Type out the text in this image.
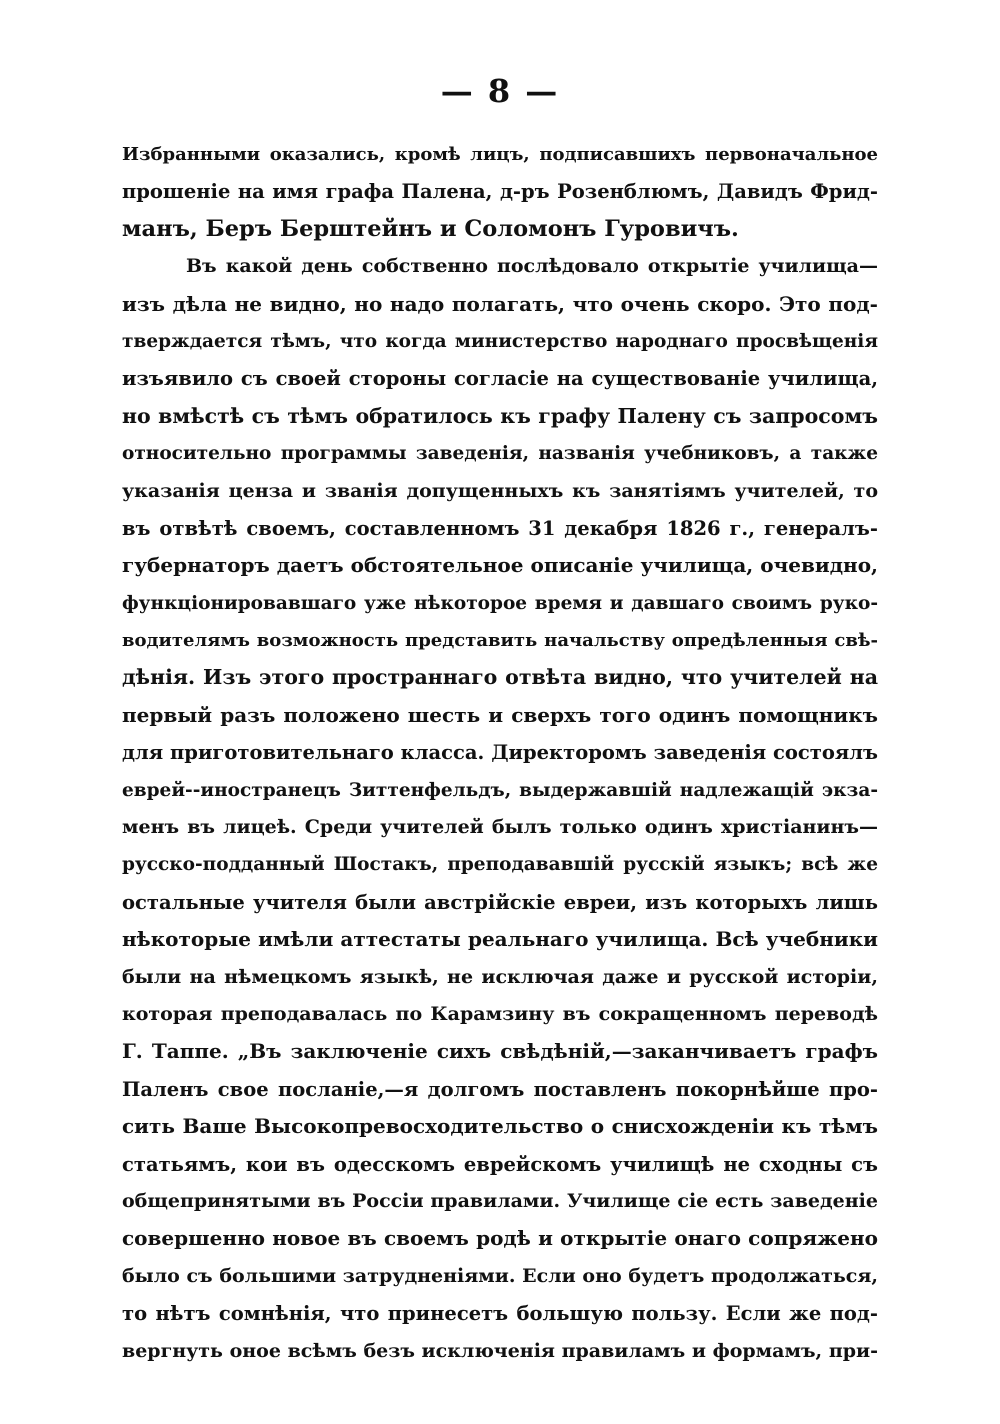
— 8 —
Избранными оказались, кромѣ лицъ, подписавшихъ первоначальное
прошеніе на имя графа Палена, д-ръ Розенблюмъ, Давидъ Фрид-
манъ, Беръ Берштейнъ и Соломонъ Гуровичъ.
Въ какой день собственно послѣдовало открытіе училища—
изъ дѣла не видно, но надо полагать, что очень скоро. Это под-
тверждается тѣмъ, что когда министерство народнаго просвѣщенія
изъявило съ своей стороны согласіе на существованіе училища,
но вмѣстѣ съ тѣмъ обратилось къ графу Палену съ запросомъ
относительно программы заведенія, названія учебниковъ, а также
указанія ценза и званія допущенныхъ къ занятіямъ учителей, то
въ отвѣтѣ своемъ, составленномъ 31 декабря 1826 г., генералъ-
губернаторъ даетъ обстоятельное описаніе училища, очевидно,
функціонировавшаго уже нѣкоторое время и давшаго своимъ руко-
водителямъ возможность представить начальству опредѣленныя свѣ-
дѣнія. Изъ этого пространнаго отвѣта видно, что учителей на
первый разъ положено шесть и сверхъ того одинъ помощникъ
для приготовительнаго класса. Директоромъ заведенія состоялъ
еврей--иностранецъ Зиттенфельдъ, выдержавшій надлежащій экза-
менъ въ лицеѣ. Среди учителей былъ только одинъ христіанинъ—
русско-подданный Шостакъ, преподававшій русскій языкъ; всѣ же
остальные учителя были австрійскіе евреи, изъ которыхъ лишь
нѣкоторые имѣли аттестаты реальнаго училища. Всѣ учебники
были на нѣмецкомъ языкѣ, не исключая даже и русской исторіи,
которая преподавалась по Карамзину въ сокращенномъ переводѣ
Г. Таппе. „Въ заключеніе сихъ свѣдѣній,—заканчиваетъ графъ
Паленъ свое посланіе,—я долгомъ поставленъ покорнѣйше про-
сить Ваше Высокопревосходительство о снисхожденіи къ тѣмъ
статьямъ, кои въ одесскомъ еврейскомъ училищѣ не сходны съ
общепринятыми въ Россіи правилами. Училище сіе есть заведеніе
совершенно новое въ своемъ родѣ и открытіе онаго сопряжено
было съ большими затрудненіями. Если оно будетъ продолжаться,
то нѣтъ сомнѣнія, что принесетъ большую пользу. Если же под-
вергнуть оное всѣмъ безъ исключенія правиламъ и формамъ, при-
